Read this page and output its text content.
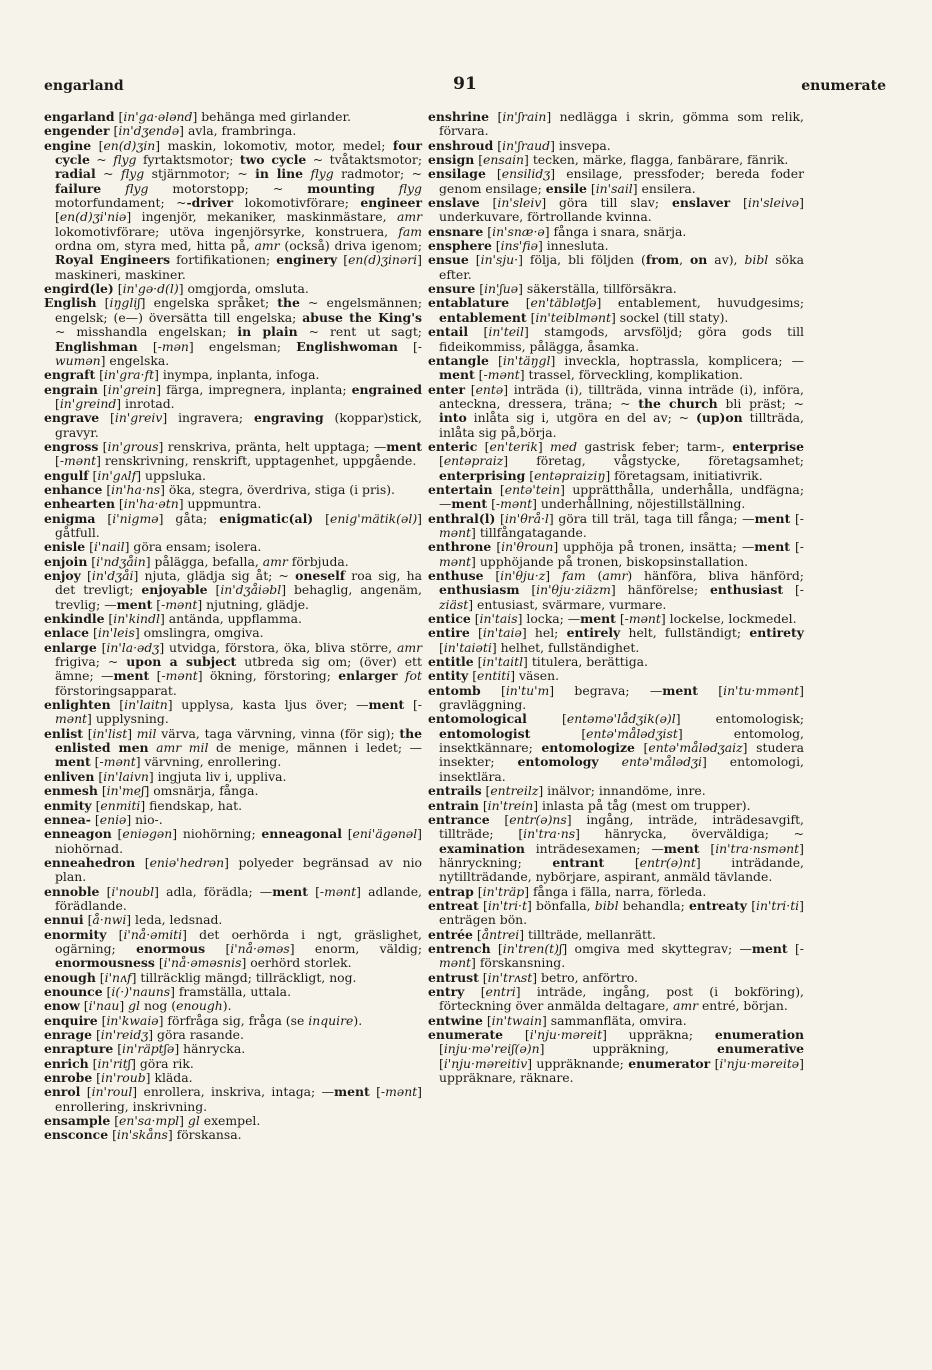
engarland	91	enumerate

engarland [in'ga·ələnd] behänga med girlander.

engender [in'dʒendə] avla, frambringa.

engine [en(d)ʒin] maskin, lokomotiv, motor, medel; four cycle ~ flyg fyrtaktsmotor; two cycle ~ tvåtaktsmotor; radial ~ flyg stjärnmotor; ~ in line flyg radmotor; ~ failure flyg motorstopp; ~ mounting flyg motorfundament; ~-driver lokomotivförare; engineer [en(d)ʒi'niə] ingenjör, mekaniker, maskinmästare, amr lokomotivförare; utöva ingenjörsyrke, konstruera, fam ordna om, styra med, hitta på, amr (också) driva igenom; Royal Engineers fortifikationen; enginery [en(d)ʒinəri] maskineri, maskiner.

engird(le) [in'gə·d(l)] omgjorda, omsluta.

English [iŋgliʃ] engelska språket; the ~ engelsmännen; engelsk; (e—) översätta till engelska; abuse the King's ~ misshandla engelskan; in plain ~ rent ut sagt; Englishman [-mən] engelsman; Englishwoman [-wumən] engelska.

engraft [in'gra·ft] inympa, inplanta, infoga.

engrain [in'grein] färga, impregnera, inplanta; engrained [in'greind] inrotad.

engrave [in'greiv] ingravera; engraving (koppar)stick, gravyr.

engross [in'grous] renskriva, pränta, helt upptaga; —ment [-mənt] renskrivning, renskrift, upptagenhet, uppgående.

engulf [in'gʌlf] uppsluka.

enhance [in'ha·ns] öka, stegra, överdriva, stiga (i pris).

enhearten [in'ha·ətn] uppmuntra.

enigma [i'nigmə] gåta; enigmatic(al) [enig'mätik(əl)] gåtfull.

enisle [i'nail] göra ensam; isolera.

enjoin [i'ndʒåin] pålägga, befalla, amr förbjuda.

enjoy [in'dʒåi] njuta, glädja sig åt; ~ oneself roa sig, ha det trevligt; enjoyable [in'dʒåiəbl] behaglig, angenäm, trevlig; —ment [-mənt] njutning, glädje.

enkindle [in'kindl] antända, uppflamma.

enlace [in'leis] omslingra, omgiva.

enlarge [in'la·ədʒ] utvidga, förstora, öka, bliva större, amr frigiva; ~ upon a subject utbreda sig om; (över) ett ämne; —ment [-mənt] ökning, förstoring; enlarger fot förstoringsapparat.

enlighten [in'laitn] upplysa, kasta ljus över; —ment [-mənt] upplysning.

enlist [in'list] mil värva, taga värvning, vinna (för sig); the enlisted men amr mil de menige, männen i ledet; —ment [-mənt] värvning, enrollering.

enliven [in'laivn] ingjuta liv i, uppliva.

enmesh [in'meʃ] omsnärja, fånga.

enmity [enmiti] fiendskap, hat.

ennea- [eniə] nio-.

enneagon [eniəgən] niohörning; enneagonal [eni'ägənəl] niohörnad.

enneahedron [eniə'hedrən] polyeder begränsad av nio plan.

ennoble [i'noubl] adla, förädla; —ment [-mənt] adlande, förädlande.

ennui [å·nwi] leda, ledsnad.

enormity [i'nå·əmiti] det oerhörda i ngt, gräslighet, ogärning; enormous [i'nå·əməs] enorm, väldig; enormousness [i'nå·əməsnis] oerhörd storlek.

enough [i'nʌf] tillräcklig mängd; tillräckligt, nog.

enounce [i(·)'nauns] framställa, uttala.

enow [i'nau] gl nog (enough).

enquire [in'kwaiə] förfråga sig, fråga (se inquire).

enrage [in'reidʒ] göra rasande.

enrapture [in'räptʃə] hänrycka.

enrich [in'ritʃ] göra rik.

enrobe [in'roub] kläda.

enrol [in'roul] enrollera, inskriva, intaga; —ment [-mənt] enrollering, inskrivning.

ensample [en'sa·mpl] gl exempel.

ensconce [in'skåns] förskansa.

enshrine [in'ʃrain] nedlägga i skrin, gömma som relik, förvara.

enshroud [in'ʃraud] insvepa.

ensign [ensain] tecken, märke, flagga, fanbärare, fänrik.

ensilage [ensilidʒ] ensilage, pressfoder; bereda foder genom ensilage; ensile [in'sail] ensilera.

enslave [in'sleiv] göra till slav; enslaver [in'sleivə] underkuvare, förtrollande kvinna.

ensnare [in'snæ·ə] fånga i snara, snärja.

ensphere [ins'fiə] innesluta.

ensue [in'sju·] följa, bli följden (from, on av), bibl söka efter.

ensure [in'ʃuə] säkerställa, tillförsäkra.

entablature [en'täblətʃə] entablement, huvudgesims; entablement [in'teiblmənt] sockel (till staty).

entail [in'teil] stamgods, arvsföljd; göra gods till fideikommiss, pålägga, åsamka.

entangle [in'täŋgl] inveckla, hoptrassla, komplicera; —ment [-mənt] trassel, förveckling, komplikation.

enter [entə] inträda (i), tillträda, vinna inträde (i), införa, anteckna, dressera, träna; ~ the church bli präst; ~ into inlåta sig i, utgöra en del av; ~ (up)on tillträda, inlåta sig på,börja.

enteric [en'terik] med gastrisk feber; tarm-, enterprise [entəpraiz] företag, vågstycke, företagsamhet; enterprising [entəpraiziŋ] företagsam, initiativrik.

entertain [entə'tein] upprätthålla, underhålla, undfägna; —ment [-mənt] underhållning, nöjestillställning.

enthral(l) [in'θrå·l] göra till träl, taga till fånga; —ment [-mənt] tillfångatagande.

enthrone [in'θroun] upphöja på tronen, insätta; —ment [-mənt] upphöjande på tronen, biskopsinstallation.

enthuse [in'θju·z] fam (amr) hänföra, bliva hänförd; enthusiasm [in'θju·ziäzm] hänförelse; enthusiast [-ziäst] entusiast, svärmare, vurmare.

entice [in'tais] locka; —ment [-mənt] lockelse, lockmedel.

entire [in'taiə] hel; entirely helt, fullständigt; entirety [in'taiəti] helhet, fullständighet.

entitle [in'taitl] titulera, berättiga.

entity [entiti] väsen.

entomb [in'tu'm] begrava; —ment [in'tu·mmənt] gravläggning.

entomological [entəmə'lådʒik(ə)l] entomologisk; entomologist [entə'målədʒist] entomolog, insektkännare; entomologize [entə'målədʒaiz] studera insekter; entomology entə'målədʒi] entomologi, insektlära.

entrails [entreilz] inälvor; innandöme, inre.

entrain [in'trein] inlasta på tåg (mest om trupper).

entrance [entr(ə)ns] ingång, inträde, inträdesavgift, tillträde; [in'tra·ns] hänrycka, överväldiga; ~ examination inträdesexamen; —ment [in'tra·nsmənt] hänryckning; entrant [entr(ə)nt] inträdande, nytillträdande, nybörjare, aspirant, anmäld tävlande.

entrap [in'träp] fånga i fälla, narra, förleda.

entreat [in'tri·t] bönfalla, bibl behandla; entreaty [in'tri·ti] enträgen bön.

entrée [åntrei] tillträde, mellanrätt.

entrench [in'tren(t)ʃ] omgiva med skyttegrav; —ment [-mənt] förskansning.

entrust [in'trʌst] betro, anförtro.

entry [entri] inträde, ingång, post (i bokföring), förteckning över anmälda deltagare, amr entré, början.

entwine [in'twain] sammanfläta, omvira.

enumerate [i'nju·məreit] uppräkna; enumeration [inju·mə'reiʃ(ə)n] uppräkning, enumerative [i'nju·məreitiv] uppräknande; enumerator [i'nju·məreitə] uppräknare, räknare.
